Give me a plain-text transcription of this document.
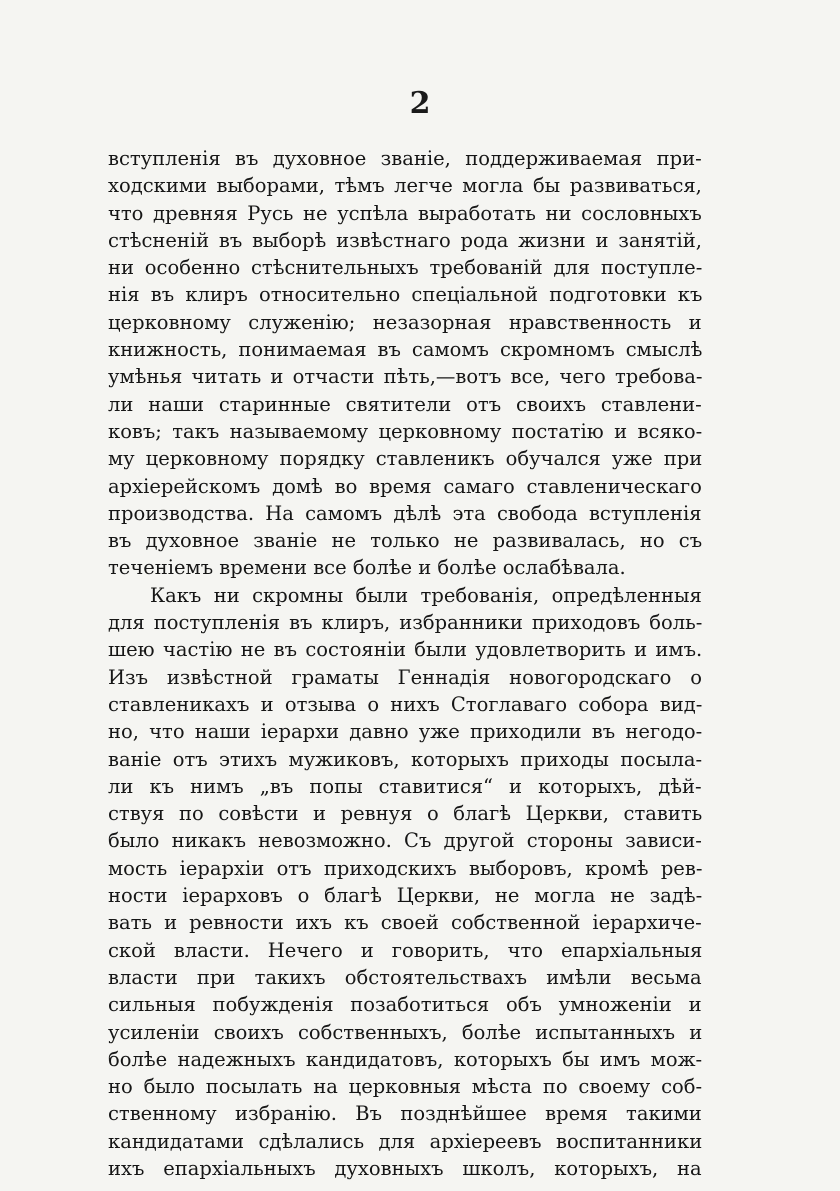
2
вступленія въ духовное званіе, поддерживаемая при-
ходскими выборами, тѣмъ легче могла бы развиваться,
что древняя Русь не успѣла выработать ни сословныхъ
стѣсненій въ выборѣ извѣстнаго рода жизни и занятій,
ни особенно стѣснительныхъ требованій для поступле-
нія въ клиръ относительно спеціальной подготовки къ
церковному служенію; незазорная нравственность и
книжность, понимаемая въ самомъ скромномъ смыслѣ
умѣнья читать и отчасти пѣть,—вотъ все, чего требова-
ли наши старинные святители отъ своихъ ставлени-
ковъ; такъ называемому церковному постатію и всяко-
му церковному порядку ставленикъ обучался уже при
архіерейскомъ домѣ во время самаго ставленическаго
производства. На самомъ дѣлѣ эта свобода вступленія
въ духовное званіе не только не развивалась, но съ
теченіемъ времени все болѣе и болѣе ослабѣвала.
Какъ ни скромны были требованія, опредѣленныя
для поступленія въ клиръ, избранники приходовъ боль-
шею частію не въ состояніи были удовлетворить и имъ.
Изъ извѣстной граматы Геннадія новогородскаго о
ставленикахъ и отзыва о нихъ Стоглаваго собора вид-
но, что наши іерархи давно уже приходили въ негодо-
ваніе отъ этихъ мужиковъ, которыхъ приходы посыла-
ли къ нимъ „въ попы ставитися“ и которыхъ, дѣй-
ствуя по совѣсти и ревнуя о благѣ Церкви, ставить
было никакъ невозможно. Съ другой стороны зависи-
мость іерархіи отъ приходскихъ выборовъ, кромѣ рев-
ности іерарховъ о благѣ Церкви, не могла не задѣ-
вать и ревности ихъ къ своей собственной іерархиче-
ской власти. Нечего и говорить, что епархіальныя
власти при такихъ обстоятельствахъ имѣли весьма
сильныя побужденія позаботиться объ умноженіи и
усиленіи своихъ собственныхъ, болѣе испытанныхъ и
болѣе надежныхъ кандидатовъ, которыхъ бы имъ мож-
но было посылать на церковныя мѣста по своему соб-
ственному избранію. Въ позднѣйшее время такими
кандидатами сдѣлались для архіереевъ воспитанники
ихъ епархіальныхъ духовныхъ школъ, которыхъ, на
